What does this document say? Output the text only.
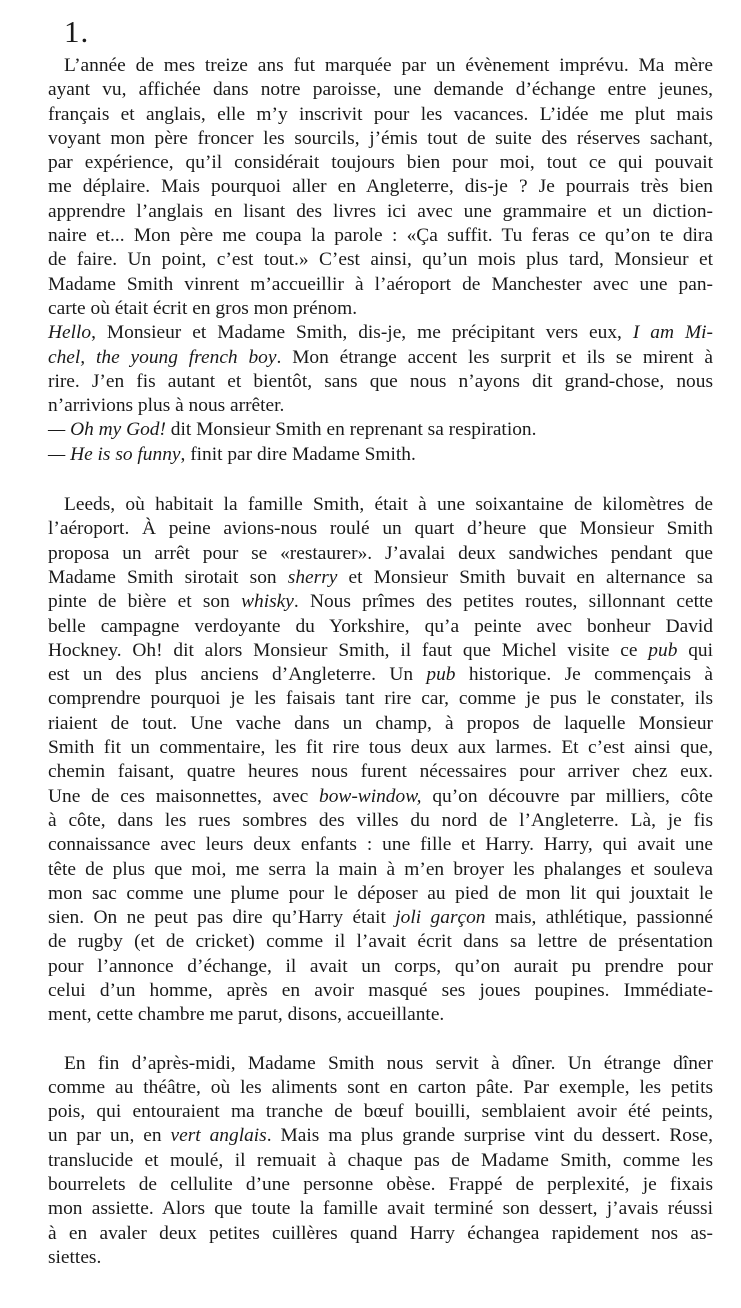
1.

L’année de mes treize ans fut marquée par un évènement imprévu. Ma mère
ayant vu, affichée dans notre paroisse, une demande d’échange entre jeunes,
français et anglais, elle m’y inscrivit pour les vacances. L’idée me plut mais
voyant mon père froncer les sourcils, j’émis tout de suite des réserves sachant,
par expérience, qu’il considérait toujours bien pour moi, tout ce qui pouvait
me déplaire. Mais pourquoi aller en Angleterre, dis-je ? Je pourrais très bien
apprendre l’anglais en lisant des livres ici avec une grammaire et un diction-
naire et... Mon père me coupa la parole : «Ça suffit. Tu feras ce qu’on te dira
de faire. Un point, c’est tout.» C’est ainsi, qu’un mois plus tard, Monsieur et
Madame Smith vinrent m’accueillir à l’aéroport de Manchester avec une pan-
carte où était écrit en gros mon prénom.
Hello, Monsieur et Madame Smith, dis-je, me précipitant vers eux, I am Mi-
chel, the young french boy. Mon étrange accent les surprit et ils se mirent à
rire. J’en fis autant et bientôt, sans que nous n’ayons dit grand-chose, nous
n’arrivions plus à nous arrêter.
— Oh my God! dit Monsieur Smith en reprenant sa respiration.
— He is so funny, finit par dire Madame Smith.

Leeds, où habitait la famille Smith, était à une soixantaine de kilomètres de
l’aéroport. À peine avions-nous roulé un quart d’heure que Monsieur Smith
proposa un arrêt pour se «restaurer». J’avalai deux sandwiches pendant que
Madame Smith sirotait son sherry et Monsieur Smith buvait en alternance sa
pinte de bière et son whisky. Nous prîmes des petites routes, sillonnant cette
belle campagne verdoyante du Yorkshire, qu’a peinte avec bonheur David
Hockney. Oh! dit alors Monsieur Smith, il faut que Michel visite ce pub qui
est un des plus anciens d’Angleterre. Un pub historique. Je commençais à
comprendre pourquoi je les faisais tant rire car, comme je pus le constater, ils
riaient de tout. Une vache dans un champ, à propos de laquelle Monsieur
Smith fit un commentaire, les fit rire tous deux aux larmes. Et c’est ainsi que,
chemin faisant, quatre heures nous furent nécessaires pour arriver chez eux.
Une de ces maisonnettes, avec bow-window, qu’on découvre par milliers, côte
à côte, dans les rues sombres des villes du nord de l’Angleterre. Là, je fis
connaissance avec leurs deux enfants : une fille et Harry. Harry, qui avait une
tête de plus que moi, me serra la main à m’en broyer les phalanges et souleva
mon sac comme une plume pour le déposer au pied de mon lit qui jouxtait le
sien. On ne peut pas dire qu’Harry était joli garçon mais, athlétique, passionné
de rugby (et de cricket) comme il l’avait écrit dans sa lettre de présentation
pour l’annonce d’échange, il avait un corps, qu’on aurait pu prendre pour
celui d’un homme, après en avoir masqué ses joues poupines. Immédiate-
ment, cette chambre me parut, disons, accueillante.

En fin d’après-midi, Madame Smith nous servit à dîner. Un étrange dîner
comme au théâtre, où les aliments sont en carton pâte. Par exemple, les petits
pois, qui entouraient ma tranche de bœuf bouilli, semblaient avoir été peints,
un par un, en vert anglais. Mais ma plus grande surprise vint du dessert. Rose,
translucide et moulé, il remuait à chaque pas de Madame Smith, comme les
bourrelets de cellulite d’une personne obèse. Frappé de perplexité, je fixais
mon assiette. Alors que toute la famille avait terminé son dessert, j’avais réussi
à en avaler deux petites cuillères quand Harry échangea rapidement nos as-
siettes.
